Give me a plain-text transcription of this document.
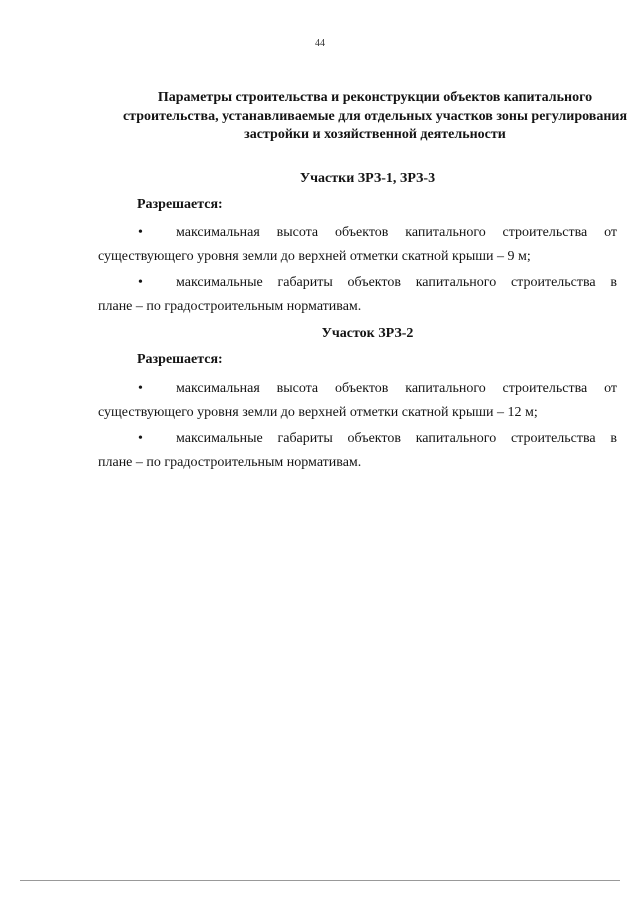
44
Параметры строительства и реконструкции объектов капитального строительства, устанавливаемые для отдельных участков зоны регулирования застройки и хозяйственной деятельности
Участки ЗРЗ-1, ЗРЗ-3
Разрешается:
•	максимальная высота объектов капитального строительства от
существующего уровня земли до верхней отметки скатной крыши – 9 м;
•	максимальные габариты объектов капитального строительства в
плане – по градостроительным нормативам.
Участок ЗРЗ-2
Разрешается:
•	максимальная высота объектов капитального строительства от
существующего уровня земли до верхней отметки скатной крыши – 12 м;
•	максимальные габариты объектов капитального строительства в
плане – по градостроительным нормативам.
